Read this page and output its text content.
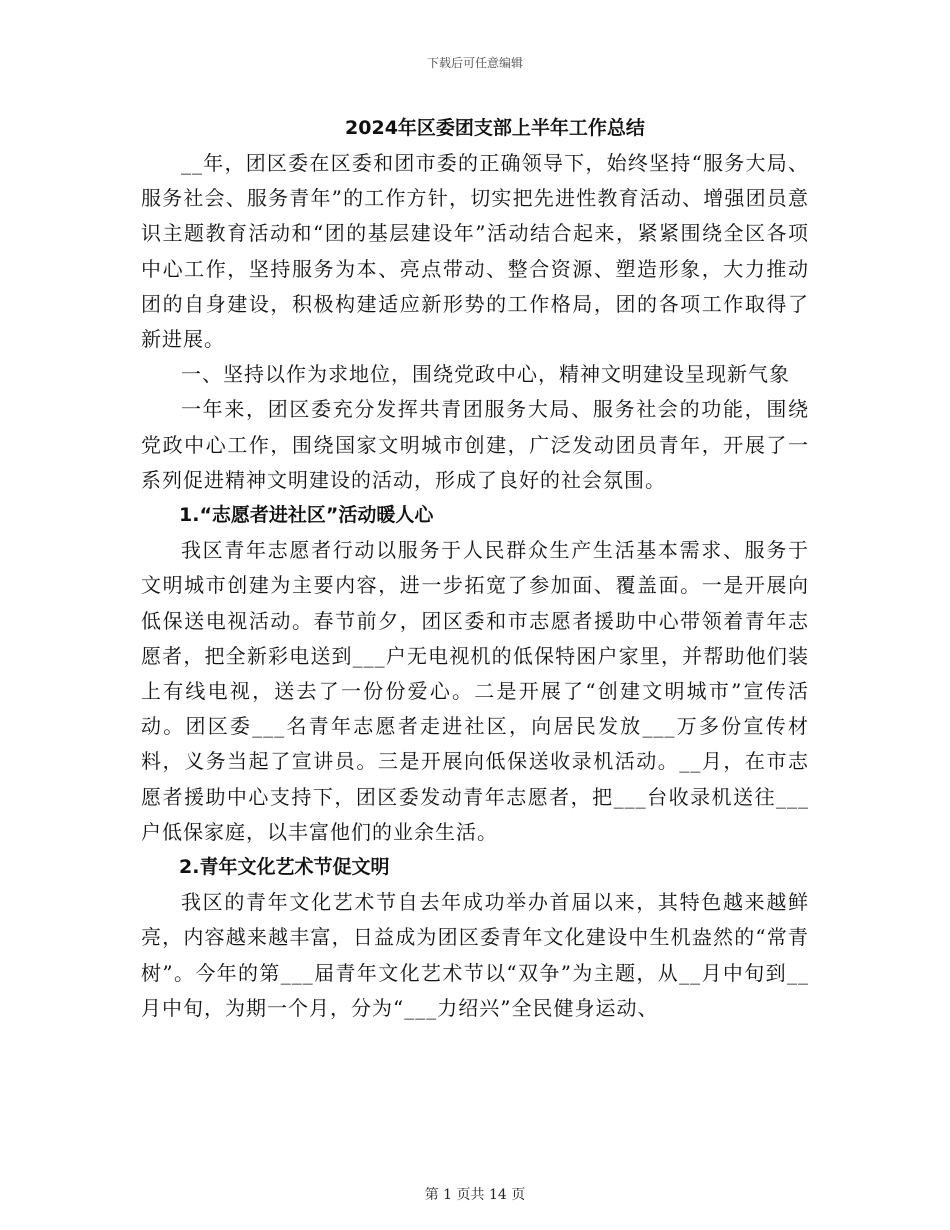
下载后可任意编辑
2024年区委团支部上半年工作总结

__年，团区委在区委和团市委的正确领导下，始终坚持“服务大局、服务社会、服务青年”的工作方针，切实把先进性教育活动、增强团员意识主题教育活动和“团的基层建设年”活动结合起来，紧紧围绕全区各项中心工作，坚持服务为本、亮点带动、整合资源、塑造形象，大力推动团的自身建设，积极构建适应新形势的工作格局，团的各项工作取得了新进展。

一、坚持以作为求地位，围绕党政中心，精神文明建设呈现新气象

一年来，团区委充分发挥共青团服务大局、服务社会的功能，围绕党政中心工作，围绕国家文明城市创建，广泛发动团员青年，开展了一系列促进精神文明建设的活动，形成了良好的社会氛围。

1.“志愿者进社区”活动暖人心

我区青年志愿者行动以服务于人民群众生产生活基本需求、服务于文明城市创建为主要内容，进一步拓宽了参加面、覆盖面。一是开展向低保送电视活动。春节前夕，团区委和市志愿者援助中心带领着青年志愿者，把全新彩电送到___户无电视机的低保特困户家里，并帮助他们装上有线电视，送去了一份份爱心。二是开展了“创建文明城市”宣传活动。团区委___名青年志愿者走进社区，向居民发放___万多份宣传材料，义务当起了宣讲员。三是开展向低保送收录机活动。__月，在市志愿者援助中心支持下，团区委发动青年志愿者，把___台收录机送往___户低保家庭，以丰富他们的业余生活。

2.青年文化艺术节促文明

我区的青年文化艺术节自去年成功举办首届以来，其特色越来越鲜亮，内容越来越丰富，日益成为团区委青年文化建设中生机盎然的“常青树”。今年的第___届青年文化艺术节以“双争”为主题，从__月中旬到__月中旬，为期一个月，分为“___力绍兴”全民健身运动、

第 1 页共 14 页
